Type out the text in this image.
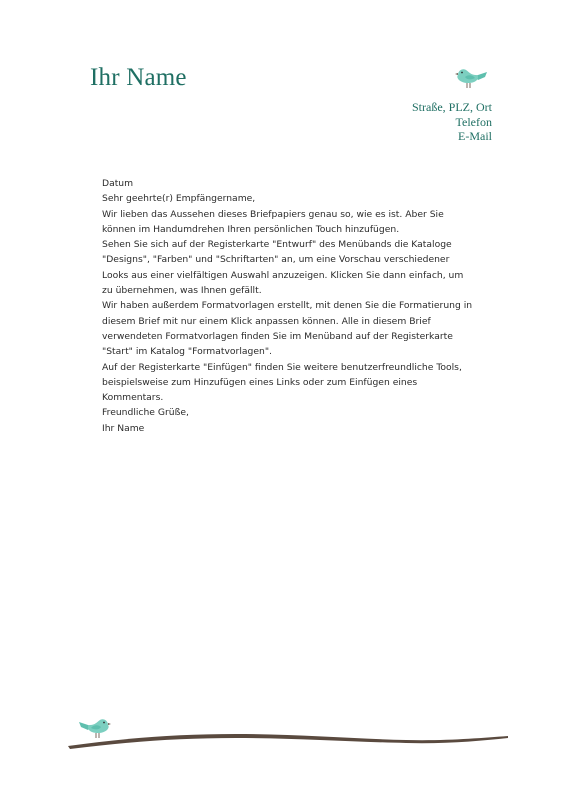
Ihr Name
Straße, PLZ, Ort
Telefon
E-Mail

Datum

Sehr geehrte(r) Empfängername,

Wir lieben das Aussehen dieses Briefpapiers genau so, wie es ist. Aber Sie können im Handumdrehen Ihren persönlichen Touch hinzufügen.

Sehen Sie sich auf der Registerkarte "Entwurf" des Menübands die Kataloge "Designs", "Farben" und "Schriftarten" an, um eine Vorschau verschiedener Looks aus einer vielfältigen Auswahl anzuzeigen. Klicken Sie dann einfach, um zu übernehmen, was Ihnen gefällt.

Wir haben außerdem Formatvorlagen erstellt, mit denen Sie die Formatierung in diesem Brief mit nur einem Klick anpassen können. Alle in diesem Brief verwendeten Formatvorlagen finden Sie im Menüband auf der Registerkarte "Start" im Katalog "Formatvorlagen".

Auf der Registerkarte "Einfügen" finden Sie weitere benutzerfreundliche Tools, beispielsweise zum Hinzufügen eines Links oder zum Einfügen eines Kommentars.

Freundliche Grüße,

Ihr Name
